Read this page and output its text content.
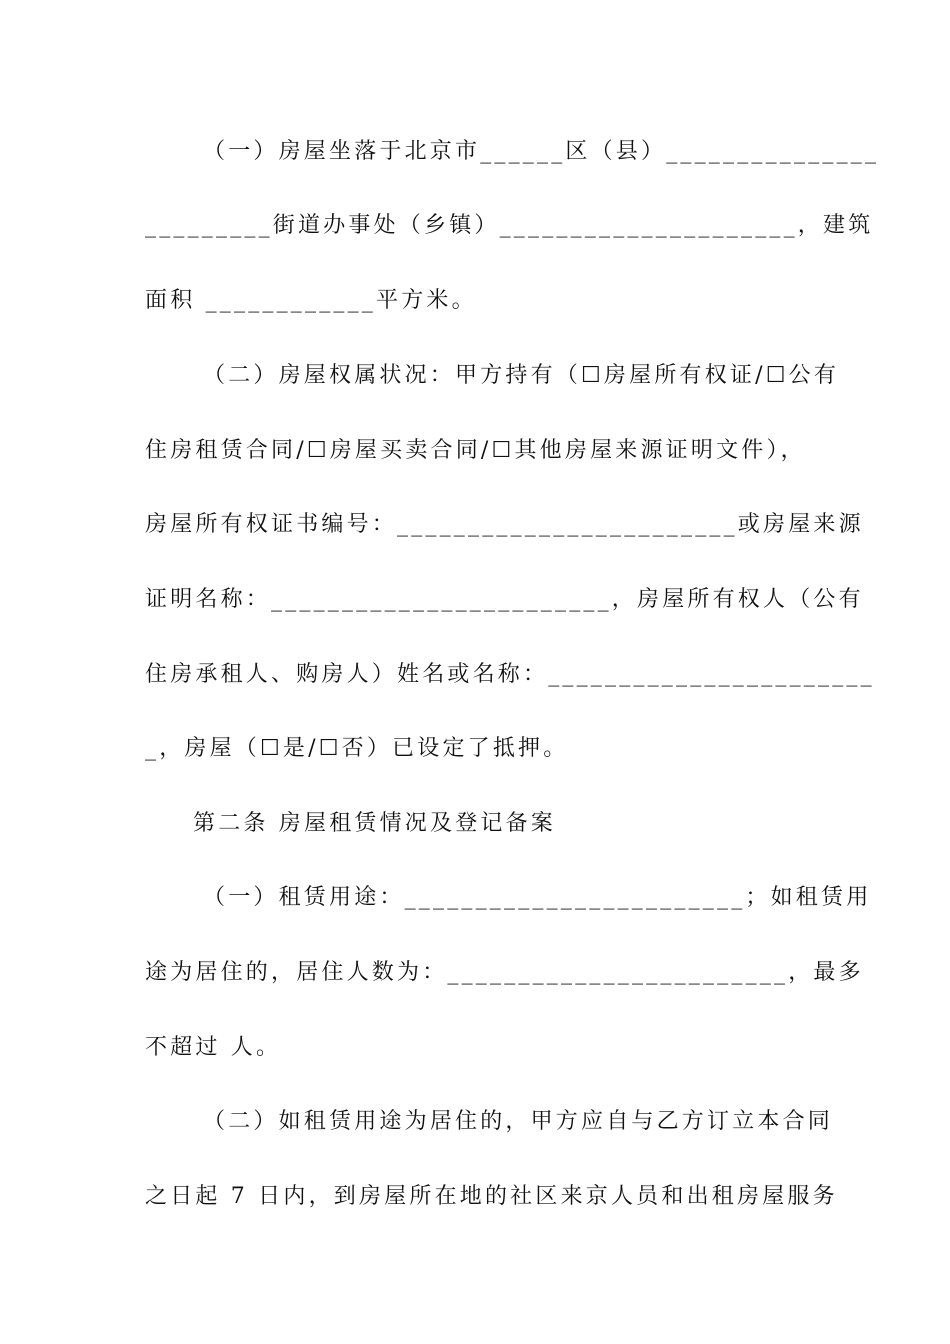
（一）房屋坐落于北京市______区（县）_______________
_________街道办事处（乡镇）_____________________，建筑
面积 ____________平方米。
（二）房屋权属状况：甲方持有（☐房屋所有权证/☐公有
住房租赁合同/☐房屋买卖合同/☐其他房屋来源证明文件），
房屋所有权证书编号：________________________或房屋来源
证明名称：________________________，房屋所有权人（公有
住房承租人、购房人）姓名或名称：_______________________
_，房屋（☐是/☐否）已设定了抵押。
第二条 房屋租赁情况及登记备案
（一）租赁用途：________________________；如租赁用
途为居住的，居住人数为：________________________，最多
不超过 人。
（二）如租赁用途为居住的，甲方应自与乙方订立本合同
之日起 7 日内，到房屋所在地的社区来京人员和出租房屋服务
